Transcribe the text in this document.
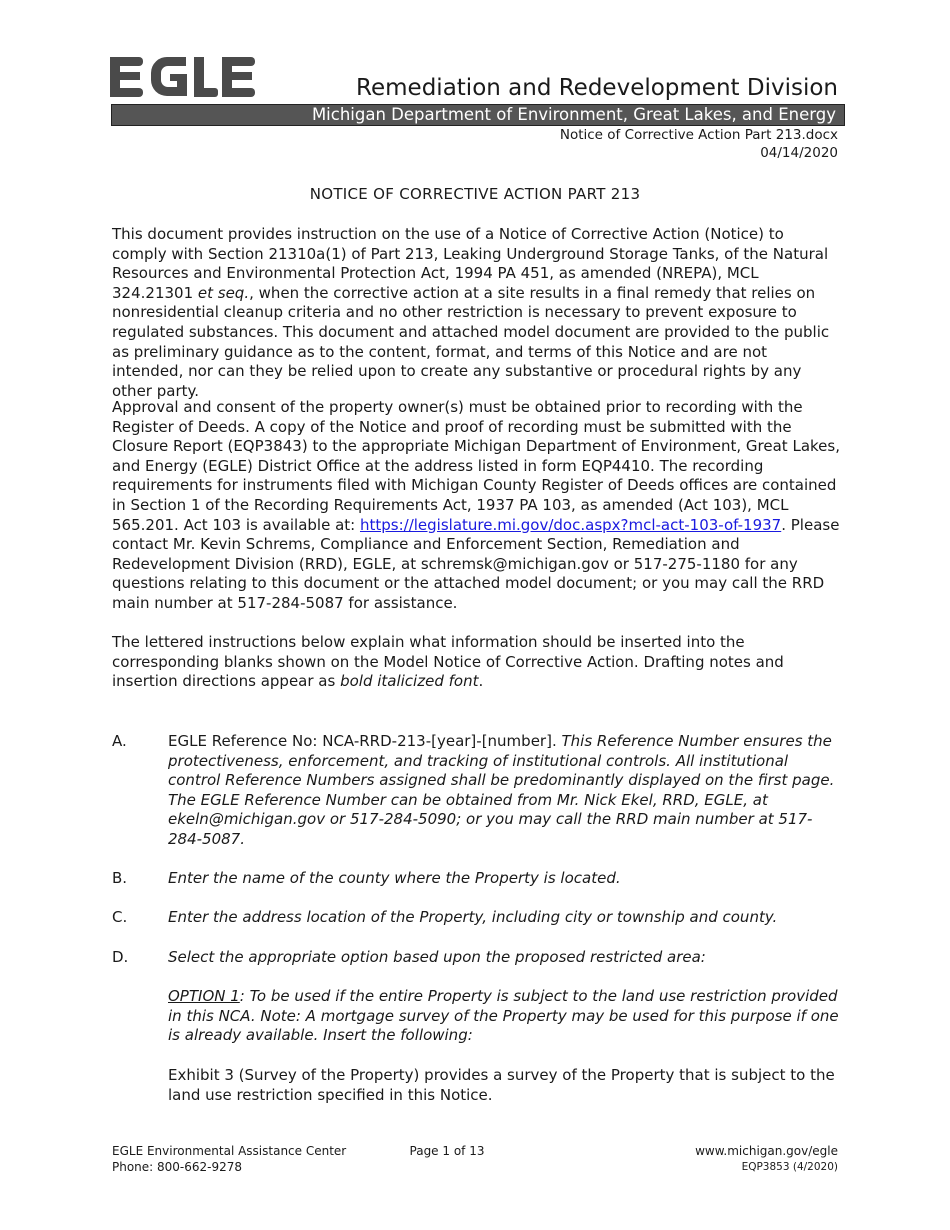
EGLE	Remediation and Redevelopment Division
Michigan Department of Environment, Great Lakes, and Energy
Notice of Corrective Action Part 213.docx
04/14/2020
NOTICE OF CORRECTIVE ACTION PART 213

This document provides instruction on the use of a Notice of Corrective Action (Notice) to comply with Section 21310a(1) of Part 213, Leaking Underground Storage Tanks, of the Natural Resources and Environmental Protection Act, 1994 PA 451, as amended (NREPA), MCL 324.21301 et seq., when the corrective action at a site results in a final remedy that relies on nonresidential cleanup criteria and no other restriction is necessary to prevent exposure to regulated substances. This document and attached model document are provided to the public as preliminary guidance as to the content, format, and terms of this Notice and are not intended, nor can they be relied upon to create any substantive or procedural rights by any other party.

Approval and consent of the property owner(s) must be obtained prior to recording with the Register of Deeds. A copy of the Notice and proof of recording must be submitted with the Closure Report (EQP3843) to the appropriate Michigan Department of Environment, Great Lakes, and Energy (EGLE) District Office at the address listed in form EQP4410. The recording requirements for instruments filed with Michigan County Register of Deeds offices are contained in Section 1 of the Recording Requirements Act, 1937 PA 103, as amended (Act 103), MCL 565.201. Act 103 is available at: https://legislature.mi.gov/doc.aspx?mcl-act-103-of-1937. Please contact Mr. Kevin Schrems, Compliance and Enforcement Section, Remediation and Redevelopment Division (RRD), EGLE, at schremsk@michigan.gov or 517-275-1180 for any questions relating to this document or the attached model document; or you may call the RRD main number at 517-284-5087 for assistance.

The lettered instructions below explain what information should be inserted into the corresponding blanks shown on the Model Notice of Corrective Action. Drafting notes and insertion directions appear as bold italicized font.

A.	EGLE Reference No: NCA-RRD-213-[year]-[number]. This Reference Number ensures the protectiveness, enforcement, and tracking of institutional controls. All institutional control Reference Numbers assigned shall be predominantly displayed on the first page. The EGLE Reference Number can be obtained from Mr. Nick Ekel, RRD, EGLE, at ekeln@michigan.gov or 517-284-5090; or you may call the RRD main number at 517-284-5087.
B.	Enter the name of the county where the Property is located.
C.	Enter the address location of the Property, including city or township and county.
D.	Select the appropriate option based upon the proposed restricted area:

OPTION 1: To be used if the entire Property is subject to the land use restriction provided in this NCA. Note: A mortgage survey of the Property may be used for this purpose if one is already available. Insert the following:

Exhibit 3 (Survey of the Property) provides a survey of the Property that is subject to the land use restriction specified in this Notice.

EGLE Environmental Assistance Center
Phone: 800-662-9278
Page 1 of 13	www.michigan.gov/egle
EQP3853 (4/2020)
